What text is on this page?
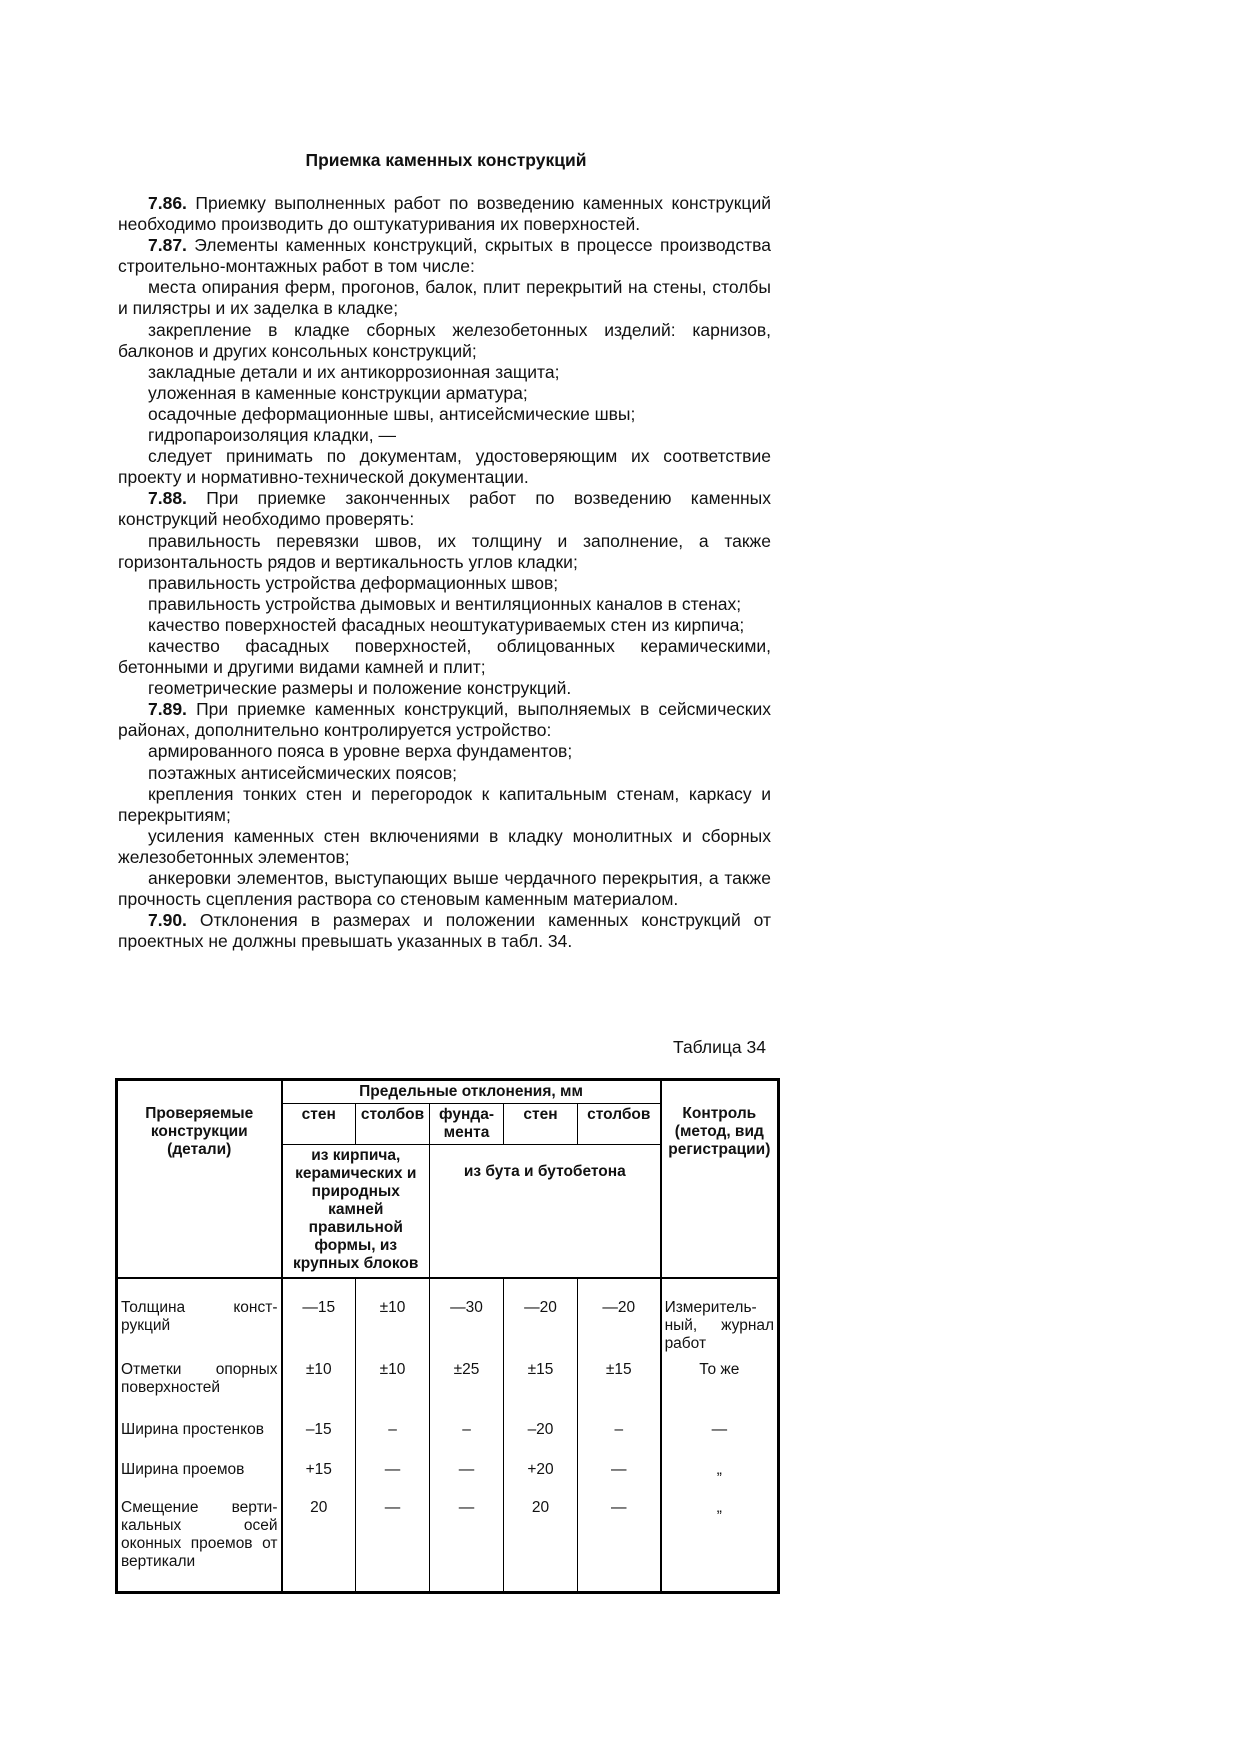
Приемка каменных конструкций

7.86. Приемку выполненных работ по возведению каменных конструкций необходимо производить до оштукатуривания их поверхностей.

7.87. Элементы каменных конструкций, скрытых в процессе производства строительно-монтажных работ в том числе:

места опирания ферм, прогонов, балок, плит перекрытий на стены, столбы и пилястры и их заделка в кладке;

закрепление в кладке сборных железобетонных изделий: карнизов, балконов и других консольных конструкций;

закладные детали и их антикоррозионная защита;

уложенная в каменные конструкции арматура;

осадочные деформационные швы, антисейсмические швы;

гидропароизоляция кладки, —

следует принимать по документам, удостоверяющим их соответствие проекту и нормативно-технической документации.

7.88. При приемке законченных работ по возведению каменных конструкций необходимо проверять:

правильность перевязки швов, их толщину и заполнение, а также горизонтальность рядов и вертикальность углов кладки;

правильность устройства деформационных швов;

правильность устройства дымовых и вентиляционных каналов в стенах;

качество поверхностей фасадных неоштукатуриваемых стен из кирпича;

качество фасадных поверхностей, облицованных керамическими, бетонными и другими видами камней и плит;

геометрические размеры и положение конструкций.

7.89. При приемке каменных конструкций, выполняемых в сейсмических районах, дополнительно контролируется устройство:

армированного пояса в уровне верха фундаментов;

поэтажных антисейсмических поясов;

крепления тонких стен и перегородок к капитальным стенам, каркасу и перекрытиям;

усиления каменных стен включениями в кладку монолитных и сборных железобетонных элементов;

анкеровки элементов, выступающих выше чердачного перекрытия, а также прочность сцепления раствора со стеновым каменным материалом.

7.90. Отклонения в размерах и положении каменных конструкций от проектных не должны превышать указанных в табл. 34.

Таблица 34
Проверяемые конструкции (детали)	Предельные отклонения, мм					Контроль (метод, вид регистрации)
	стен	столбов	фунда-мента	стен	столбов	
	из кирпича, керамических и природных камней правильной формы, из крупных блоков		из бута и бутобетона			
Толщина конст-рукций	—15	±10	—30	—20	—20	Измеритель-ный, журнал работ
Отметки опорных поверхностей	±10	±10	±25	±15	±15	То же
Ширина простенков	–15	–	–	–20	–	—
Ширина проемов	+15	—	—	+20	—	„
Смещение верти-кальных осей оконных проемов от вертикали	20	—	—	20	—	„
